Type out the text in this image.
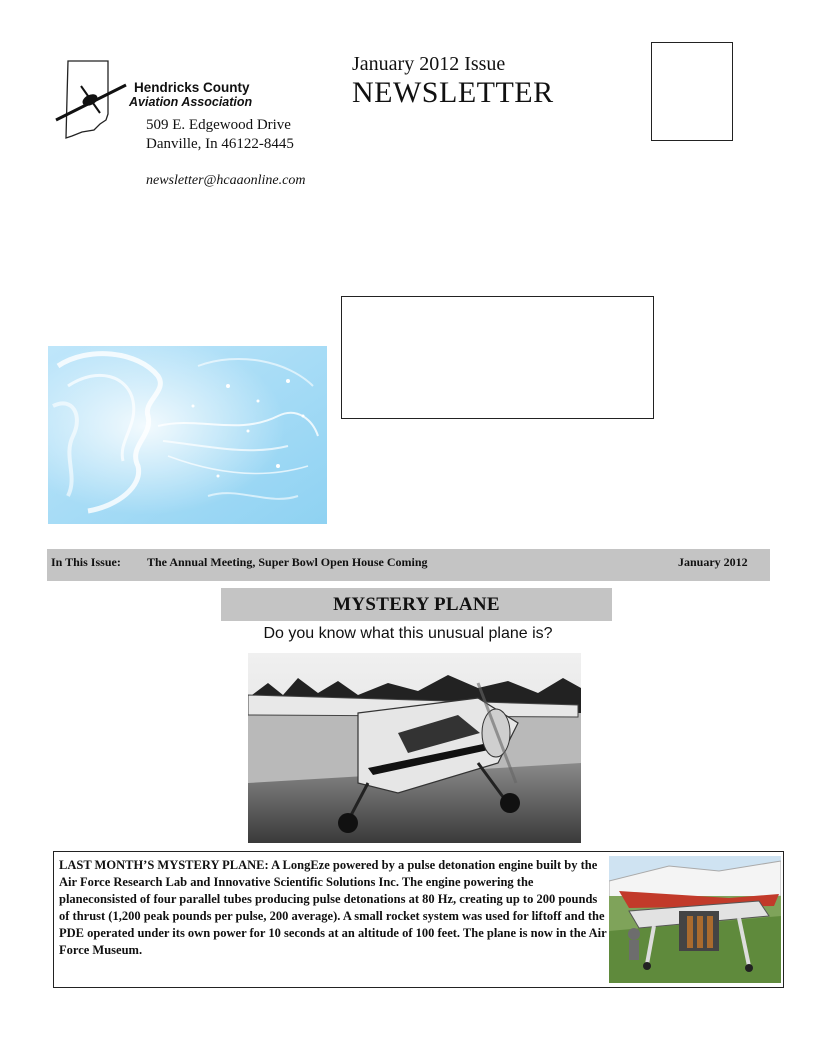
Hendricks County
Aviation Association
509 E. Edgewood Drive
Danville, In 46122-8445
newsletter@hcaaonline.com
January 2012 Issue
NEWSLETTER
In This Issue: The Annual Meeting, Super Bowl Open House Coming	January 2012
MYSTERY PLANE
Do you know what this unusual plane is?
LAST MONTH’S MYSTERY PLANE: A LongEze powered by a pulse detonation engine built by the Air Force Research Lab and Innovative Scientific Solutions Inc. The engine powering the planeconsisted of four parallel tubes producing pulse detonations at 80 Hz, creating up to 200 pounds of thrust (1,200 peak pounds per pulse, 200 average). A small rocket system was used for liftoff and the PDE operated under its own power for 10 seconds at an altitude of 100 feet. The plane is now in the Air Force Museum.
